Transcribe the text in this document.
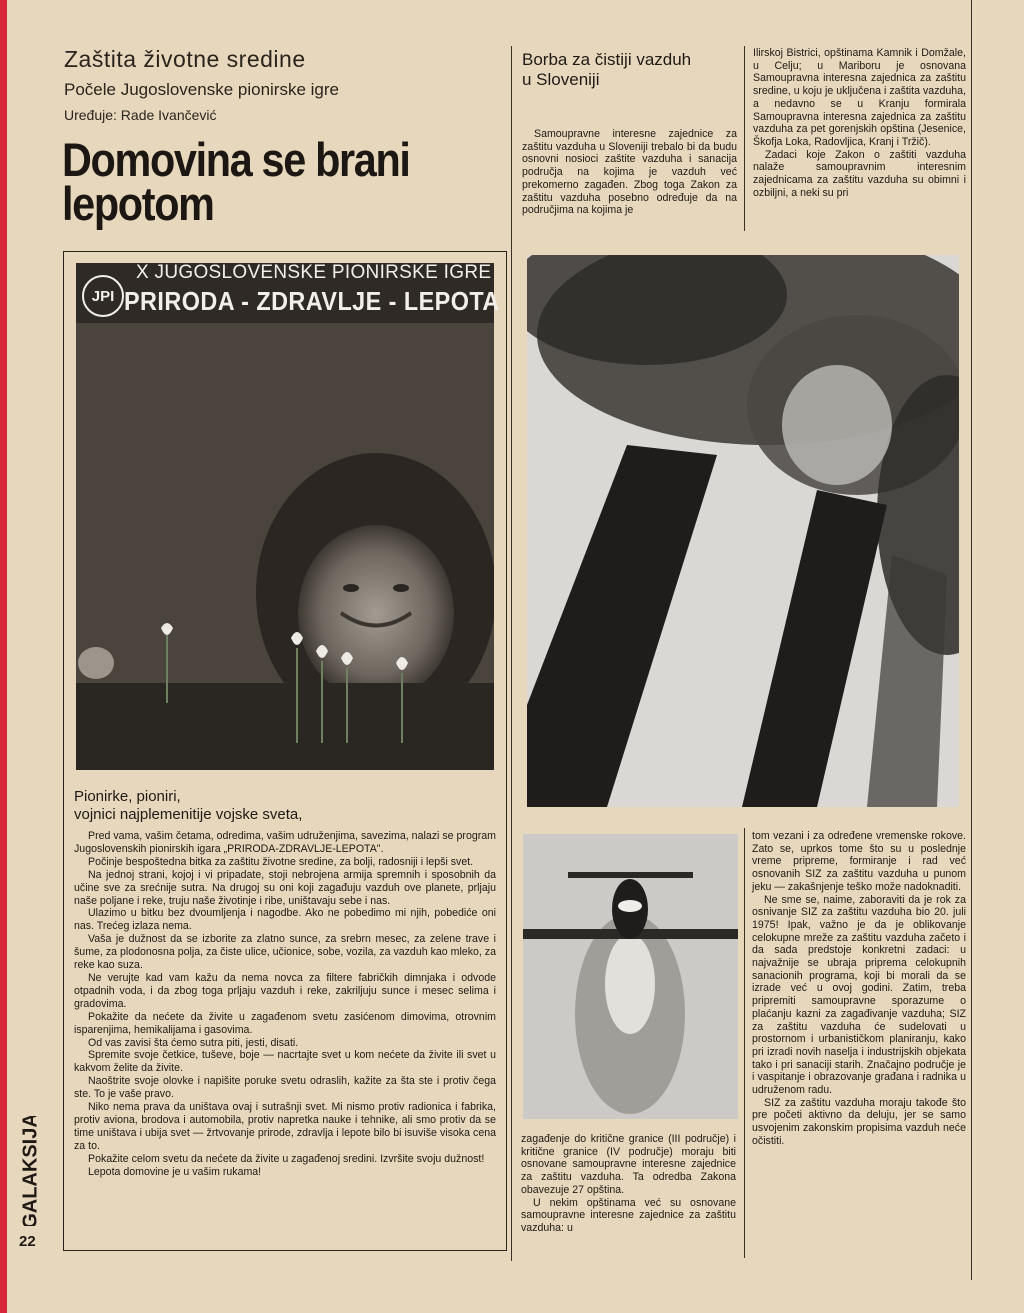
Zaštita životne sredine
Počele Jugoslovenske pionirske igre
Uređuje: Rade Ivančević
Domovina se brani lepotom
JPI
X JUGOSLOVENSKE PIONIRSKE IGRE
PRIRODA - ZDRAVLJE - LEPOTA
Pionirke, pioniri,
vojnici najplemenitije vojske sveta,

Pred vama, vašim četama, odredima, vašim udruženjima, savezima, nalazi se program Jugoslovenskih pionirskih igara „PRIRODA-ZDRAVLJE-LEPOTA".

Počinje bespoštedna bitka za zaštitu životne sredine, za bolji, radosniji i lepši svet.

Na jednoj strani, kojoj i vi pripadate, stoji nebrojena armija spremnih i sposobnih da učine sve za srećnije sutra. Na drugoj su oni koji zagađuju vazduh ove planete, prljaju naše poljane i reke, truju naše životinje i ribe, uništavaju sebe i nas.

Ulazimo u bitku bez dvoumljenja i nagodbe. Ako ne pobedimo mi njih, pobediće oni nas. Trećeg izlaza nema.

Vaša je dužnost da se izborite za zlatno sunce, za srebrn mesec, za zelene trave i šume, za plodonosna polja, za čiste ulice, učionice, sobe, vozila, za vazduh kao mleko, za reke kao suza.

Ne verujte kad vam kažu da nema novca za filtere fabričkih dimnjaka i odvode otpadnih voda, i da zbog toga prljaju vazduh i reke, zakriljuju sunce i mesec selima i gradovima.

Pokažite da nećete da živite u zagađenom svetu zasićenom dimovima, otrovnim isparenjima, hemikalijama i gasovima.

Od vas zavisi šta ćemo sutra piti, jesti, disati.

Spremite svoje četkice, tuševe, boje — nacrtajte svet u kom nećete da živite ili svet u kakvom želite da živite.

Naoštrite svoje olovke i napišite poruke svetu odraslih, kažite za šta ste i protiv čega ste. To je vaše pravo.

Niko nema prava da uništava ovaj i sutrašnji svet. Mi nismo protiv radionica i fabrika, protiv aviona, brodova i automobila, protiv napretka nauke i tehnike, ali smo protiv da se time uništava i ubija svet — žrtvovanje prirode, zdravlja i lepote bilo bi isuviše visoka cena za to.

Pokažite celom svetu da nećete da živite u zagađenoj sredini. Izvršite svoju dužnost!

Lepota domovine je u vašim rukama!

Borba za čistiji vazduh
u Sloveniji

Samoupravne interesne zajednice za zaštitu vazduha u Sloveniji trebalo bi da budu osnovni nosioci zaštite vazduha i sanacija područja na kojima je vazduh već prekomerno zagađen. Zbog toga Zakon za zaštitu vazduha posebno određuje da na područjima na kojima je

Ilirskoj Bistrici, opštinama Kamnik i Domžale, u Celju; u Mariboru je osnovana Samoupravna interesna zajednica za zaštitu sredine, u koju je uključena i zaštita vazduha, a nedavno se u Kranju formirala Samoupravna interesna zajednica za zaštitu vazduha za pet gorenjskih opština (Jesenice, Škofja Loka, Radovljica, Kranj i Tržič).

Zadaci koje Zakon o zaštiti vazduha nalaže samoupravnim interesnim zajednicama za zaštitu vazduha su obimni i ozbiljni, a neki su pri

zagađenje do kritične granice (III područje) i kritične granice (IV područje) moraju biti osnovane samoupravne interesne zajednice za zaštitu vazduha. Ta odredba Zakona obavezuje 27 opština.

U nekim opštinama već su osnovane samoupravne interesne zajednice za zaštitu vazduha: u

tom vezani i za određene vremenske rokove. Zato se, uprkos tome što su u poslednje vreme pripreme, formiranje i rad već osnovanih SIZ za zaštitu vazduha u punom jeku — zakašnjenje teško može nadoknaditi.

Ne sme se, naime, zaboraviti da je rok za osnivanje SIZ za zaštitu vazduha bio 20. juli 1975! Ipak, važno je da je oblikovanje celokupne mreže za zaštitu vazduha začeto i da sada predstoje konkretni zadaci: u najvažnije se ubraja priprema celokupnih sanacionih programa, koji bi morali da se izrade već u ovoj godini. Zatim, treba pripremiti samoupravne sporazume o plaćanju kazni za zagađivanje vazduha; SIZ za zaštitu vazduha će sudelovati u prostornom i urbanističkom planiranju, kako pri izradi novih naselja i industrijskih objekata tako i pri sanaciji starih. Značajno područje je i vaspitanje i obrazovanje građana i radnika u udruženom radu.

SIZ za zaštitu vazduha moraju takođe što pre početi aktivno da deluju, jer se samo usvojenim zakonskim propisima vazduh neće očistiti.

GALAKSIJA
22
